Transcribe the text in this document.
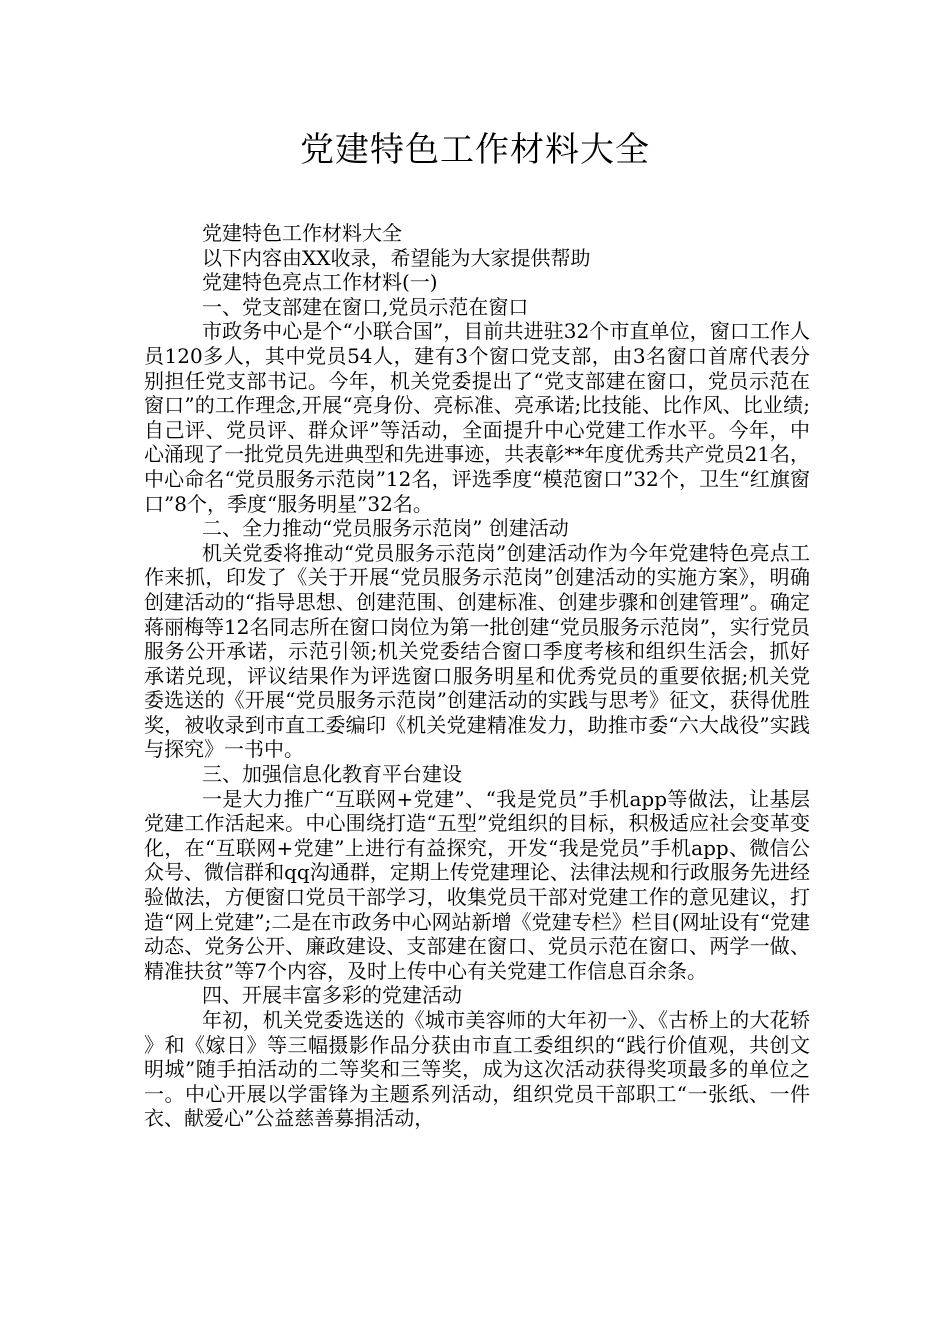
党建特色工作材料大全

党建特色工作材料大全

以下内容由XX收录，希望能为大家提供帮助

党建特色亮点工作材料(一)

一、党支部建在窗口,党员示范在窗口

市政务中心是个“小联合国”，目前共进驻32个市直单位，窗口工作人员120多人，其中党员54人，建有3个窗口党支部，由3名窗口首席代表分别担任党支部书记。今年，机关党委提出了“党支部建在窗口，党员示范在窗口”的工作理念,开展“亮身份、亮标准、亮承诺;比技能、比作风、比业绩;自己评、党员评、群众评”等活动，全面提升中心党建工作水平。今年，中心涌现了一批党员先进典型和先进事迹，共表彰**年度优秀共产党员21名，中心命名“党员服务示范岗”12名，评选季度“模范窗口”32个，卫生“红旗窗口”8个，季度“服务明星”32名。

二、全力推动“党员服务示范岗” 创建活动

机关党委将推动“党员服务示范岗”创建活动作为今年党建特色亮点工作来抓，印发了《关于开展“党员服务示范岗”创建活动的实施方案》，明确创建活动的“指导思想、创建范围、创建标准、创建步骤和创建管理”。确定蒋丽梅等12名同志所在窗口岗位为第一批创建“党员服务示范岗”，实行党员服务公开承诺，示范引领;机关党委结合窗口季度考核和组织生活会，抓好承诺兑现，评议结果作为评选窗口服务明星和优秀党员的重要依据;机关党委选送的《开展“党员服务示范岗”创建活动的实践与思考》征文，获得优胜奖，被收录到市直工委编印《机关党建精准发力，助推市委“六大战役”实践与探究》一书中。

三、加强信息化教育平台建设

一是大力推广“互联网+党建”、“我是党员”手机app等做法，让基层党建工作活起来。中心围绕打造“五型”党组织的目标，积极适应社会变革变化，在“互联网+党建”上进行有益探究，开发“我是党员”手机app、微信公众号、微信群和qq沟通群，定期上传党建理论、法律法规和行政服务先进经验做法，方便窗口党员干部学习，收集党员干部对党建工作的意见建议，打造“网上党建”;二是在市政务中心网站新增《党建专栏》栏目(网址设有“党建动态、党务公开、廉政建设、支部建在窗口、党员示范在窗口、两学一做、精准扶贫”等7个内容，及时上传中心有关党建工作信息百余条。

四、开展丰富多彩的党建活动

年初，机关党委选送的《城市美容师的大年初一》、《古桥上的大花轿》和《嫁日》等三幅摄影作品分获由市直工委组织的“践行价值观，共创文明城”随手拍活动的二等奖和三等奖，成为这次活动获得奖项最多的单位之一。中心开展以学雷锋为主题系列活动，组织党员干部职工“一张纸、一件衣、献爱心”公益慈善募捐活动，
